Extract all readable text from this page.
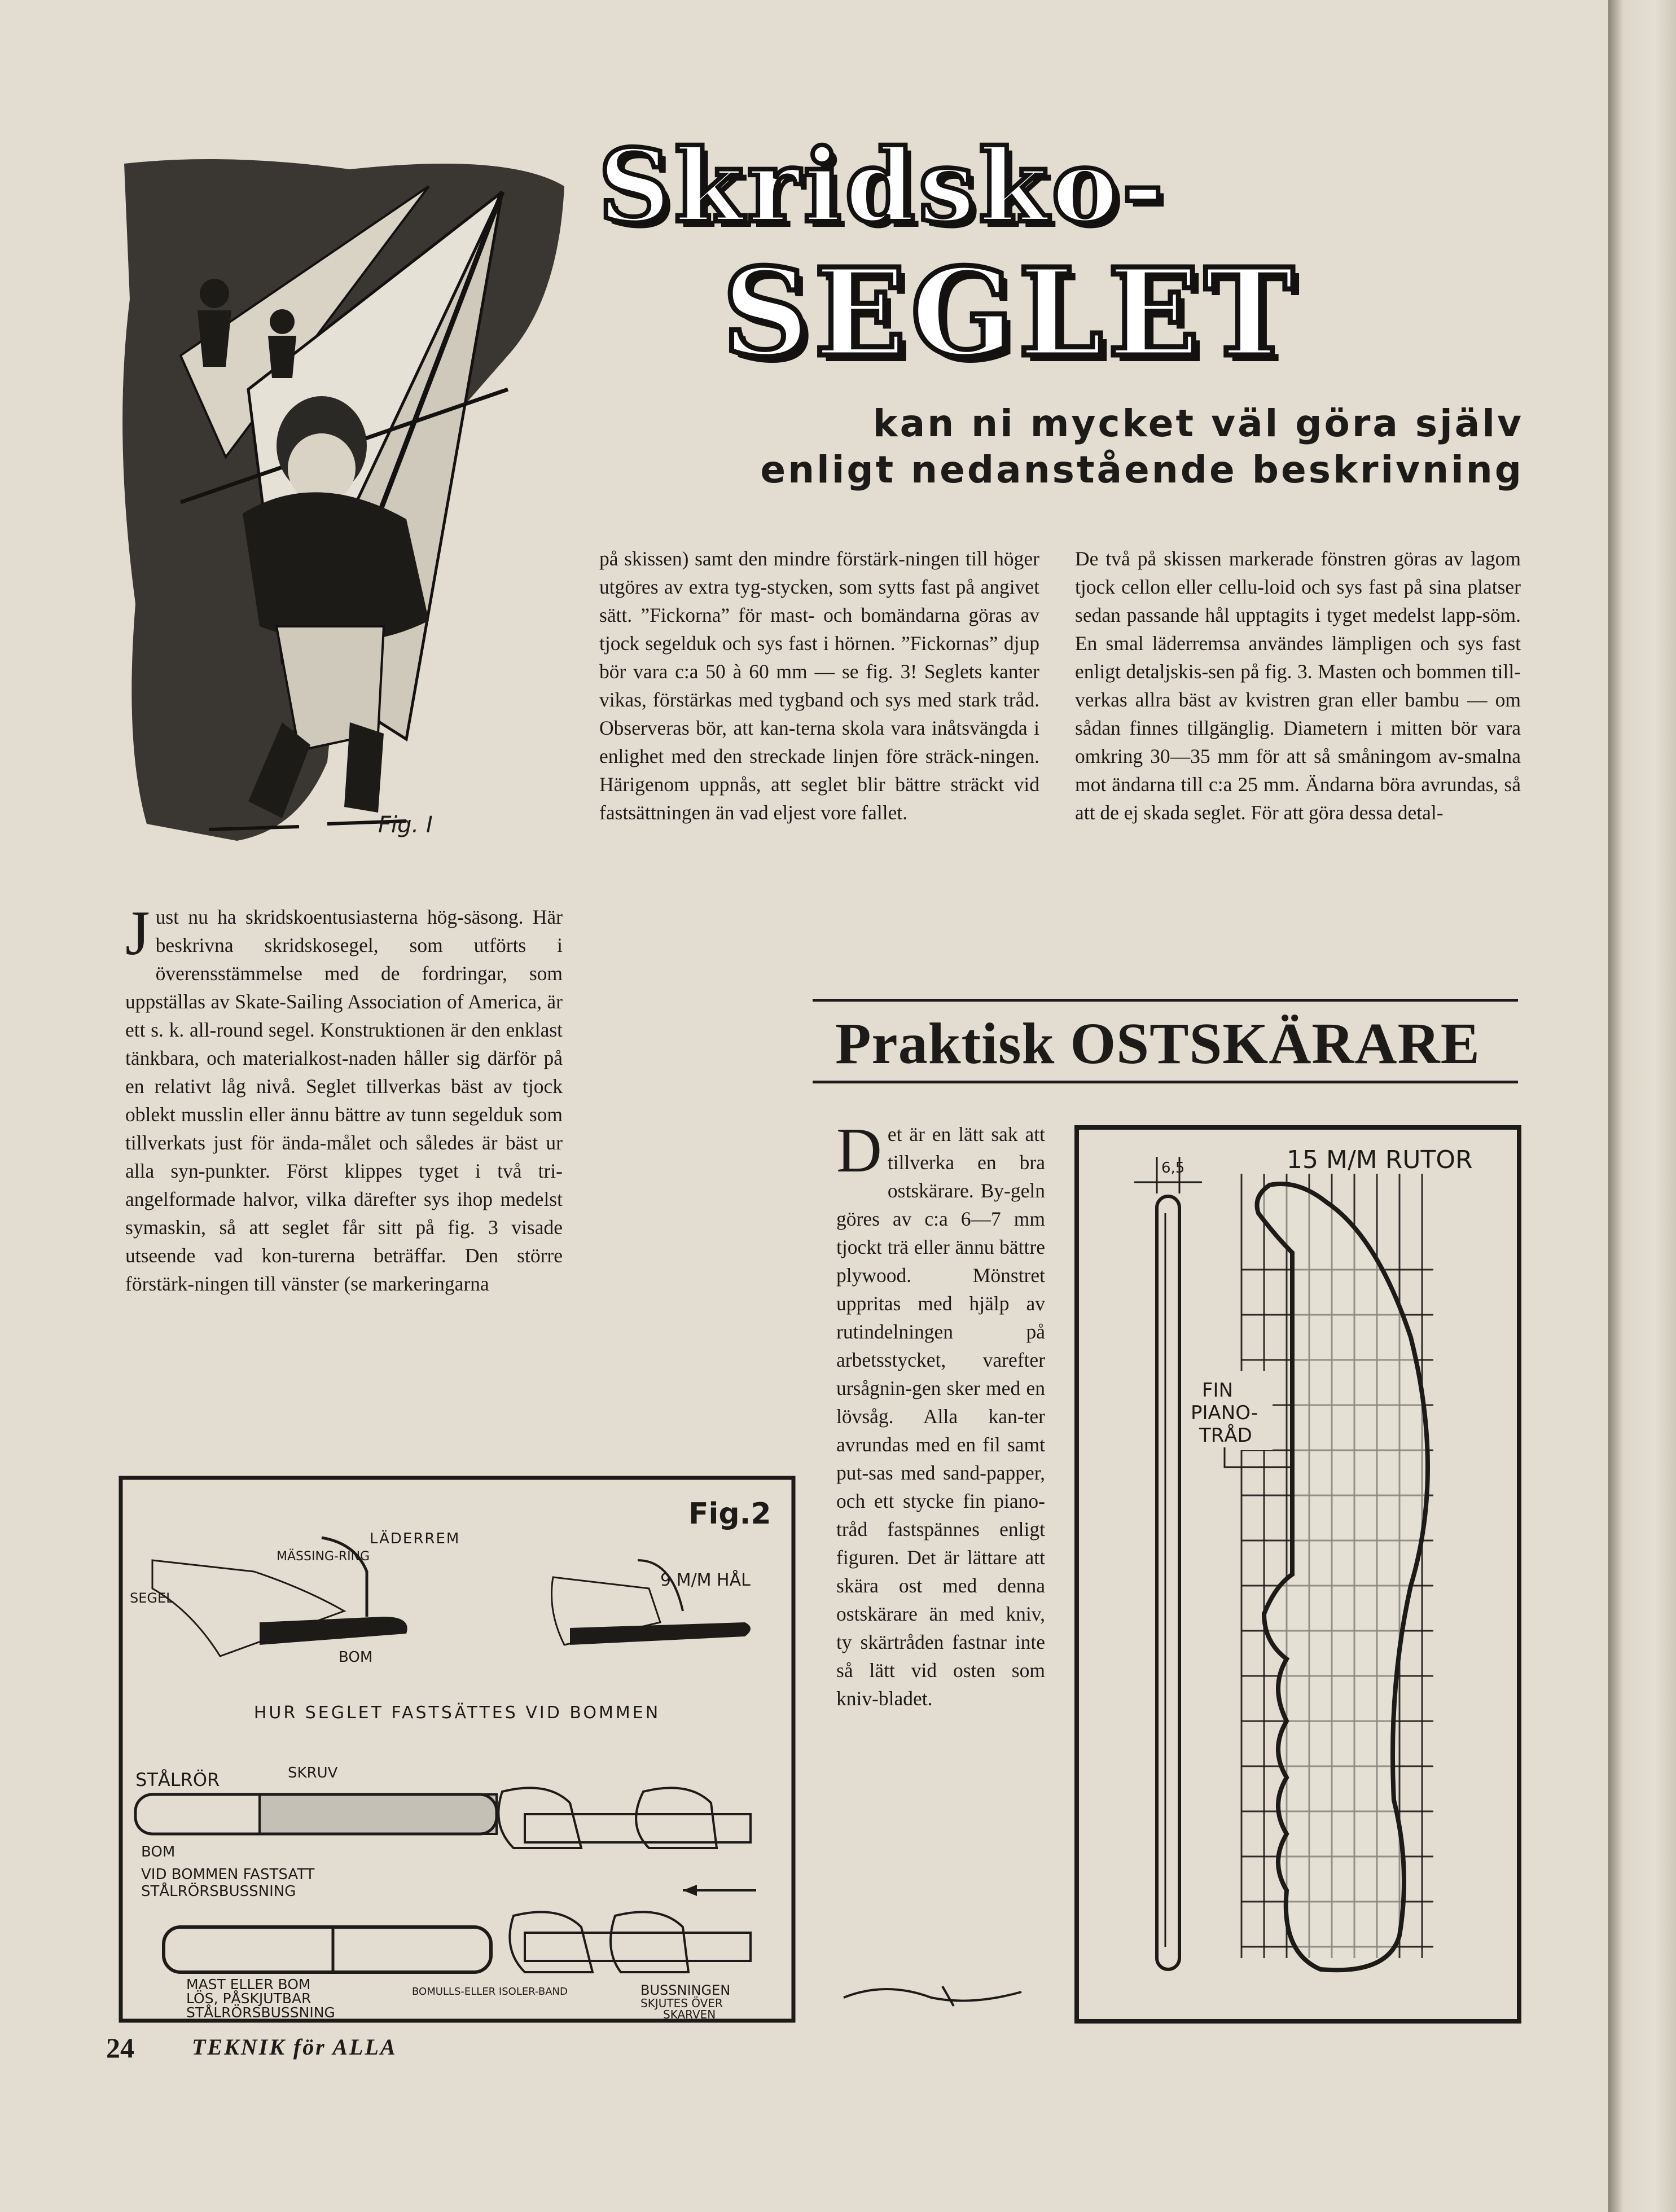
Fig. I
Skridsko-
SEGLET
kan ni mycket väl göra själv
enligt nedanstående beskrivning
J ust nu ha skridskoentusiasterna hög-säsong. Här beskrivna skridskosegel, som utförts i överensstämmelse med de fordringar, som uppställas av Skate-Sailing Association of America, är ett s. k. all-round segel. Konstruktionen är den enklast tänkbara, och materialkost-naden håller sig därför på en relativt låg nivå. Seglet tillverkas bäst av tjock oblekt musslin eller ännu bättre av tunn segelduk som tillverkats just för ända-målet och således är bäst ur alla syn-punkter. Först klippes tyget i två tri-angelformade halvor, vilka därefter sys ihop medelst symaskin, så att seglet får sitt på fig. 3 visade utseende vad kon-turerna beträffar. Den större förstärk-ningen till vänster (se markeringarna

på skissen) samt den mindre förstärk-ningen till höger utgöres av extra tyg-stycken, som sytts fast på angivet sätt. ”Fickorna” för mast- och bomändarna göras av tjock segelduk och sys fast i hörnen. ”Fickornas” djup bör vara c:a 50 à 60 mm — se fig. 3! Seglets kanter vikas, förstärkas med tygband och sys med stark tråd. Observeras bör, att kan-terna skola vara inåtsvängda i enlighet med den streckade linjen före sträck-ningen. Härigenom uppnås, att seglet blir bättre sträckt vid fastsättningen än vad eljest vore fallet.

De två på skissen markerade fönstren göras av lagom tjock cellon eller cellu-loid och sys fast på sina platser sedan passande hål upptagits i tyget medelst lapp-söm. En smal läderremsa användes lämpligen och sys fast enligt detaljskis-sen på fig. 3. Masten och bommen till-verkas allra bäst av kvistren gran eller bambu — om sådan finnes tillgänglig. Diametern i mitten bör vara omkring 30—35 mm för att så småningom av-smalna mot ändarna till c:a 25 mm. Ändarna böra avrundas, så att de ej skada seglet. För att göra dessa detal-

Praktisk OSTSKÄRARE
D et är en lätt sak att tillverka en bra ostskärare. By-geln göres av c:a 6—7 mm tjockt trä eller ännu bättre plywood. Mönstret uppritas med hjälp av rutindelningen på arbetsstycket, varefter ursågnin-gen sker med en lövsåg. Alla kan-ter avrundas med en fil samt put-sas med sand-papper, och ett stycke fin piano-tråd fastspännes enligt figuren. Det är lättare att skära ost med denna ostskärare än med kniv, ty skärtråden fastnar inte så lätt vid osten som kniv-bladet.
6,5	15 M/M RUTOR
FIN
PIANO-
TRÅD
Fig.2
LÄDERREM
MÄSSING-RING
SEGEL
BOM
9 M/M HÅL
HUR SEGLET FASTSÄTTES VID BOMMEN
STÅLRÖR	SKRUV
BOM
VID BOMMEN FASTSATT
STÅLRÖRSBUSSNING
MAST ELLER BOM
LÖS, PÅSKJUTBAR
STÅLRÖRSBUSSNING
BOMULLS-ELLER ISOLER-BAND	BUSSNINGEN
SKJUTES ÖVER
SKARVEN
24	TEKNIK för ALLA
